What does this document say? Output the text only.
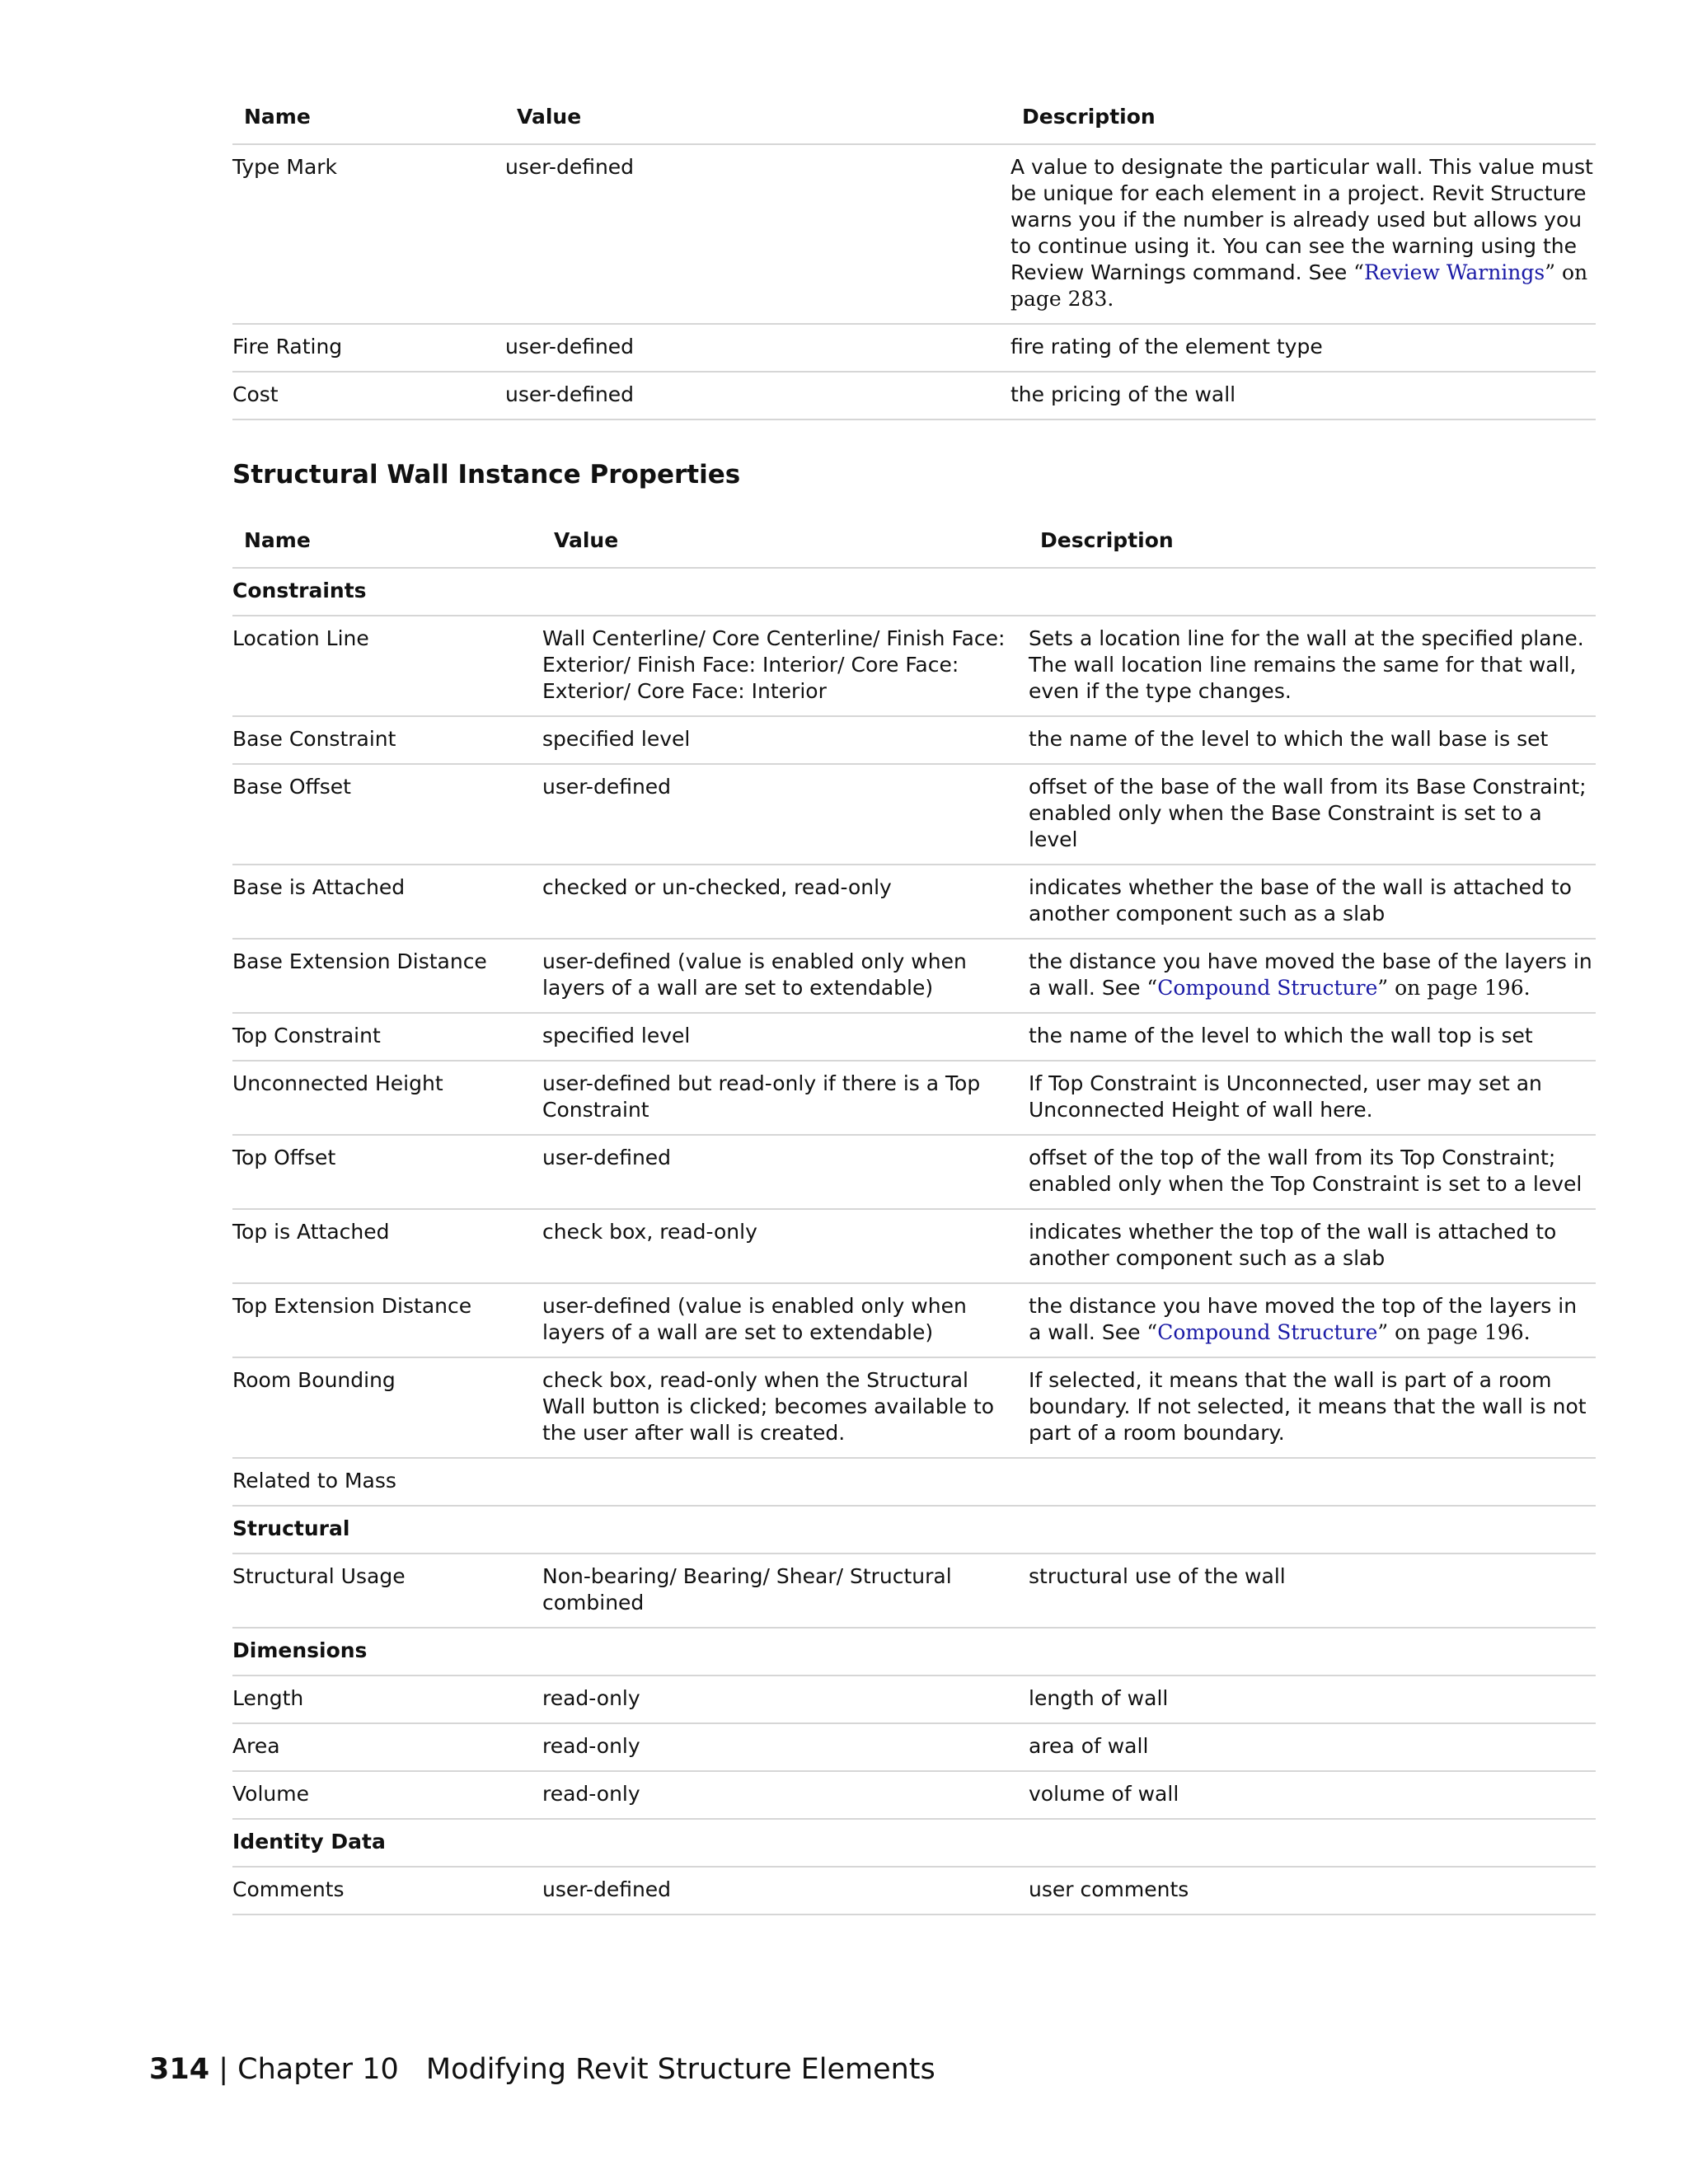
Name	Value	Description
Type Mark	user-defined	A value to designate the particular wall. This value must be unique for each element in a project. Revit Structure warns you if the number is already used but allows you to continue using it. You can see the warning using the Review Warnings command. See “Review Warnings” on page 283.
Fire Rating	user-defined	fire rating of the element type
Cost	user-defined	the pricing of the wall
Structural Wall Instance Properties
Name	Value	Description
Constraints		
Location Line	Wall Centerline/ Core Centerline/ Finish Face: Exterior/ Finish Face: Interior/ Core Face: Exterior/ Core Face: Interior	Sets a location line for the wall at the specified plane. The wall location line remains the same for that wall, even if the type changes.
Base Constraint	specified level	the name of the level to which the wall base is set
Base Offset	user-defined	offset of the base of the wall from its Base Constraint; enabled only when the Base Constraint is set to a level
Base is Attached	checked or un-checked, read-only	indicates whether the base of the wall is attached to another component such as a slab
Base Extension Distance	user-defined (value is enabled only when layers of a wall are set to extendable)	the distance you have moved the base of the layers in a wall. See “Compound Structure” on page 196.
Top Constraint	specified level	the name of the level to which the wall top is set
Unconnected Height	user-defined but read-only if there is a Top Constraint	If Top Constraint is Unconnected, user may set an Unconnected Height of wall here.
Top Offset	user-defined	offset of the top of the wall from its Top Constraint; enabled only when the Top Constraint is set to a level
Top is Attached	check box, read-only	indicates whether the top of the wall is attached to another component such as a slab
Top Extension Distance	user-defined (value is enabled only when layers of a wall are set to extendable)	the distance you have moved the top of the layers in a wall. See “Compound Structure” on page 196.
Room Bounding	check box, read-only when the Structural Wall button is clicked; becomes available to the user after wall is created.	If selected, it means that the wall is part of a room boundary. If not selected, it means that the wall is not part of a room boundary.
Related to Mass		
Structural		
Structural Usage	Non-bearing/ Bearing/ Shear/ Structural combined	structural use of the wall
Dimensions		
Length	read-only	length of wall
Area	read-only	area of wall
Volume	read-only	volume of wall
Identity Data		
Comments	user-defined	user comments
314 | Chapter 10 Modifying Revit Structure Elements
